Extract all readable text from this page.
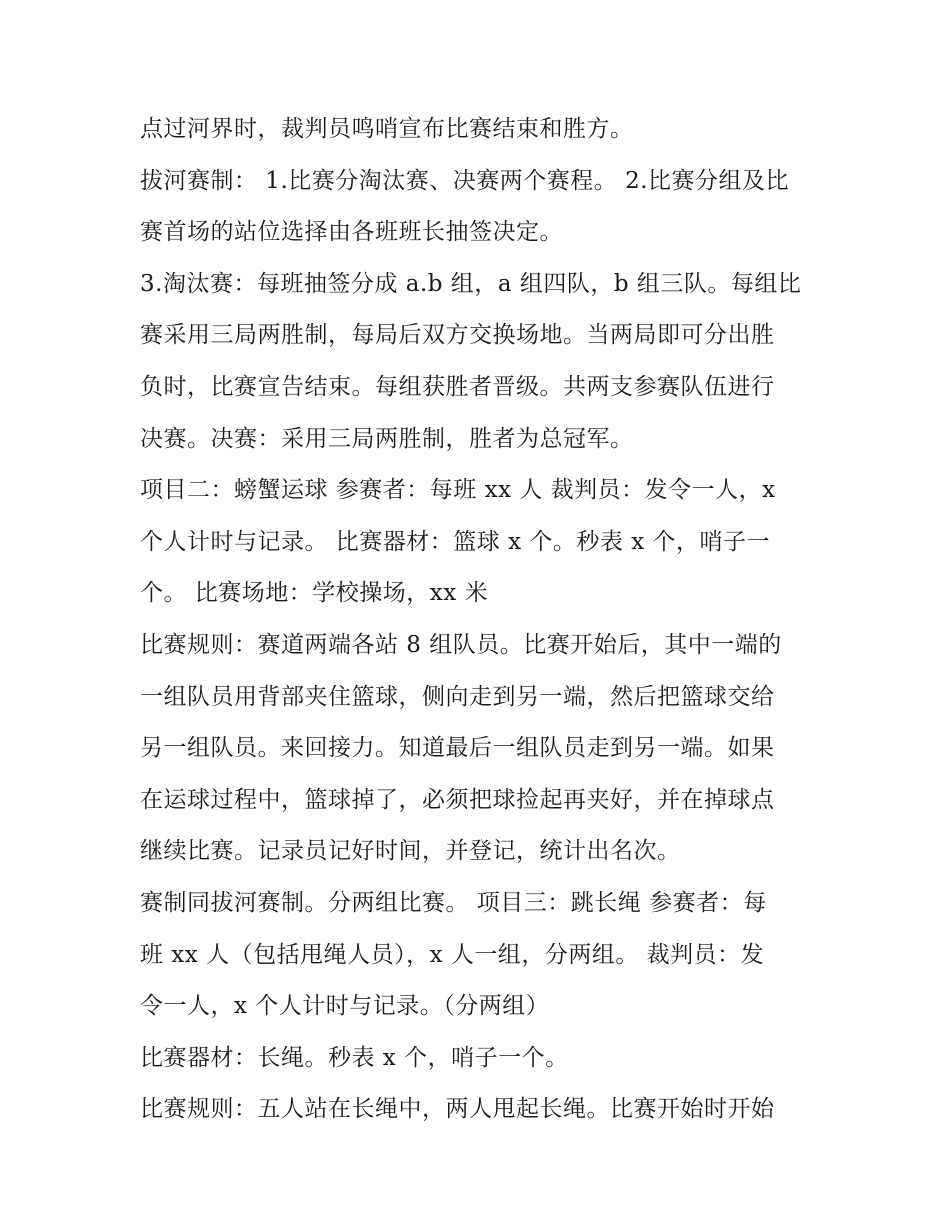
点过河界时，裁判员鸣哨宣布比赛结束和胜方。
拔河赛制： 1.比赛分淘汰赛、决赛两个赛程。 2.比赛分组及比
赛首场的站位选择由各班班长抽签决定。
3.淘汰赛：每班抽签分成 a.b 组，a 组四队，b 组三队。每组比
赛采用三局两胜制，每局后双方交换场地。当两局即可分出胜
负时，比赛宣告结束。每组获胜者晋级。共两支参赛队伍进行
决赛。决赛：采用三局两胜制，胜者为总冠军。
项目二：螃蟹运球 参赛者：每班 xx 人 裁判员：发令一人，x
个人计时与记录。 比赛器材：篮球 x 个。秒表 x 个，哨子一
个。 比赛场地：学校操场，xx 米
比赛规则：赛道两端各站 8 组队员。比赛开始后，其中一端的
一组队员用背部夹住篮球，侧向走到另一端，然后把篮球交给
另一组队员。来回接力。知道最后一组队员走到另一端。如果
在运球过程中，篮球掉了，必须把球捡起再夹好，并在掉球点
继续比赛。记录员记好时间，并登记，统计出名次。
赛制同拔河赛制。分两组比赛。 项目三：跳长绳 参赛者：每
班 xx 人（包括甩绳人员），x 人一组，分两组。 裁判员：发
令一人，x 个人计时与记录。（分两组）
比赛器材：长绳。秒表 x 个，哨子一个。
比赛规则：五人站在长绳中，两人甩起长绳。比赛开始时开始
